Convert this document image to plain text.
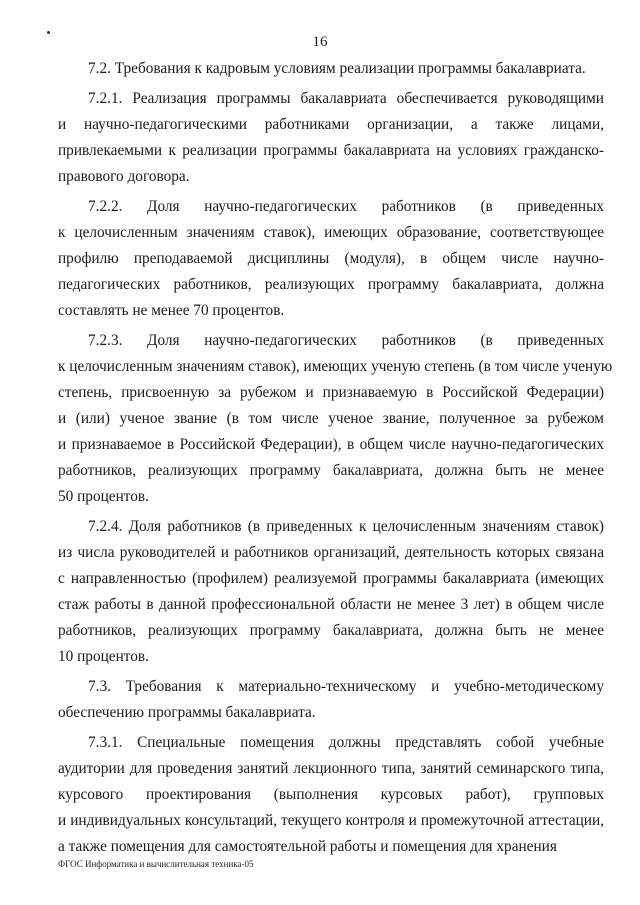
16
7.2. Требования к кадровым условиям реализации программы бакалавриата.
7.2.1. Реализация программы бакалавриата обеспечивается руководящими
и научно-педагогическими работниками организации, а также лицами,
привлекаемыми к реализации программы бакалавриата на условиях гражданско-
правового договора.
7.2.2. Доля научно-педагогических работников (в приведенных
к целочисленным значениям ставок), имеющих образование, соответствующее
профилю преподаваемой дисциплины (модуля), в общем числе научно-
педагогических работников, реализующих программу бакалавриата, должна
составлять не менее 70 процентов.
7.2.3. Доля научно-педагогических работников (в приведенных
к целочисленным значениям ставок), имеющих ученую степень (в том числе ученую
степень, присвоенную за рубежом и признаваемую в Российской Федерации)
и (или) ученое звание (в том числе ученое звание, полученное за рубежом
и признаваемое в Российской Федерации), в общем числе научно-педагогических
работников, реализующих программу бакалавриата, должна быть не менее
50 процентов.
7.2.4. Доля работников (в приведенных к целочисленным значениям ставок)
из числа руководителей и работников организаций, деятельность которых связана
с направленностью (профилем) реализуемой программы бакалавриата (имеющих
стаж работы в данной профессиональной области не менее 3 лет) в общем числе
работников, реализующих программу бакалавриата, должна быть не менее
10 процентов.
7.3. Требования к материально-техническому и учебно-методическому
обеспечению программы бакалавриата.
7.3.1. Специальные помещения должны представлять собой учебные
аудитории для проведения занятий лекционного типа, занятий семинарского типа,
курсового проектирования (выполнения курсовых работ), групповых
и индивидуальных консультаций, текущего контроля и промежуточной аттестации,
а также помещения для самостоятельной работы и помещения для хранения
ФГОС Информатика и вычислительная техника-05
